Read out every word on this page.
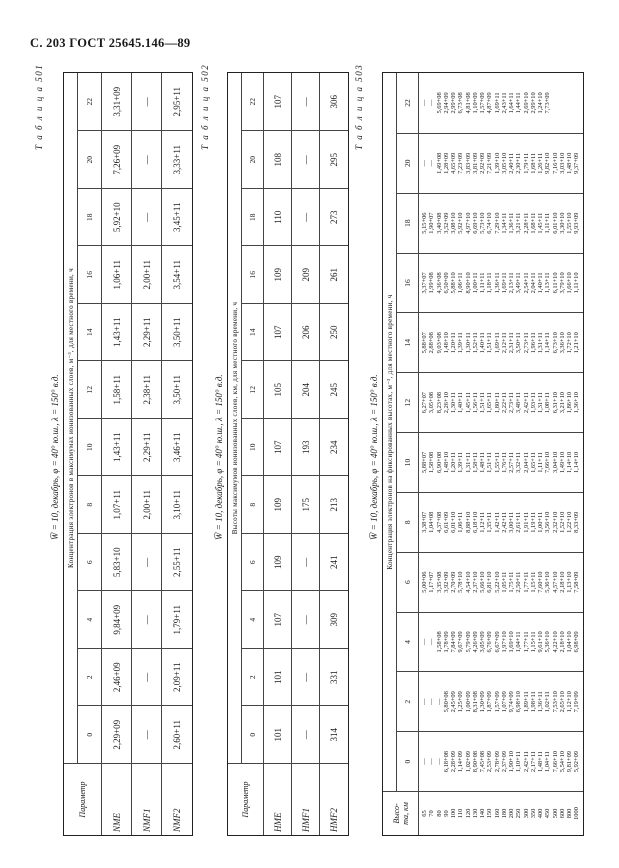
С. 203 ГОСТ 25645.146—89
Т а б л и ц а 501
W̅ = 10, декабрь, φ = 40° ю.ш., λ = 150° в.д.
Параметр
Концентрация электронов в максимумах ионизованных слоев, м⁻³, для местного времени, ч
0
2
4
6
8
10
12
14
16
18
20
22
NME
2,29+09
2,46+09
9,84+09
5,83+10
1,07+11
1,43+11
1,58+11
1,43+11
1,06+11
5,92+10
7,26+09
3,31+09
NMF1
—
—
—
—
2,00+11
2,29+11
2,38+11
2,29+11
2,00+11
—
—
—
NMF2
2,60+11
2,09+11
1,79+11
2,55+11
3,10+11
3,46+11
3,50+11
3,50+11
3,54+11
3,45+11
3,33+11
2,95+11	Т а б л и ц а 502
W̅ = 10, декабрь, φ = 40° ю.ш., λ = 150° в.д.
Параметр
Высоты максимумов ионизованных слоев, км, для местного времени, ч
0
2
4
6
8
10
12
14
16
18
20
22
HME
101
101
107
109
109
107
105
107
109
110
108
107
HMF1
—
—
—
—
175
193
204
206
209
—
—
—
HMF2
314
331
309
241
213
234
245
250
261
273
295
306	Т а б л и ц а 503
W̅ = 10, декабрь, φ = 40° ю.ш., λ = 150° в.д.
Высо-
та, км
Концентрация электронов на фиксированных высотах, м⁻³, для местного времени, ч
0
2
4
6
8
10
12
14
16
18
20
22
65 70 80 90 100 110 120 130 140 150 160 180 200 250 300 350 400 450 500 600 800 1000
— — — 6,18+08 2,28+09 1,14+09 1,02+09 8,90+08 7,45+08 2,53+09 2,78+09 2,37+09 1,90+10 1,10+11 2,42+11 2,17+11 1,48+11 1,04+11 7,66+10 5,54+10 9,81+09 5,92+09
— — — 5,80+08 2,45+09 1,25+09 1,00+09 8,31+08 1,30+09 1,87+09 1,57+09 1,07+09 9,74+09 6,98+10 1,89+11 1,98+11 1,36+11 1,02+11 7,53+10 2,65+10 1,12+10 7,19+09
— — 1,58+08 1,78+09 7,84+09 9,67+09 5,79+09 4,26+09 3,05+09 6,76+09 6,67+09 1,97+10 1,69+10 1,04+11 1,77+11 1,15+11 9,61+10 5,36+10 4,22+10 2,18+10 1,04+10 6,98+09
5,00+06 1,17+07 3,35+08 3,92+09 2,70+09 5,78+10 4,54+10 2,37+10 5,66+10 6,81+10 5,22+10 1,05+11 1,75+11 2,50+11 1,77+11 1,15+11 7,60+10 5,36+10 4,57+10 2,18+10 1,13+10 7,58+09
3,38+07 1,04+08 4,37+08 6,61+09 6,01+10 1,06+11 8,88+10 6,18+10 1,12+11 1,35+11 1,42+11 2,42+11 3,00+11 2,61+11 1,91+11 1,19+11 1,00+11 3,56+10 2,32+10 1,52+10 1,22+10 8,33+09
5,88+07 1,58+08 6,90+08 1,48+10 1,20+11 1,39+11 1,31+11 1,58+11 1,48+11 1,51+11 1,55+11 1,76+11 2,57+11 3,32+11 2,04+11 1,65+11 1,11+11 7,66+10 3,04+10 1,49+10 1,14+10 1,14+10
6,27+07 3,05+08 8,23+08 2,26+10 1,30+11 1,40+11 1,45+11 1,56+11 1,51+11 1,65+11 1,80+11 2,22+11 2,73+11 3,48+11 2,42+11 1,93+11 1,31+11 1,08+11 6,31+10 3,21+10 1,86+10 1,36+10
5,88+07 2,88+08 9,03+08 1,48+10 1,20+11 1,39+11 1,30+11 1,52+11 1,40+11 1,51+11 1,69+11 2,12+11 2,31+11 3,50+11 2,73+11 1,96+11 1,31+11 1,14+11 6,73+10 3,36+10 1,72+10 1,21+10
3,37+07 1,99+08 4,36+08 6,50+09 5,88+10 1,06+11 8,90+10 1,00+11 1,11+11 1,18+11 1,36+11 1,69+11 2,13+11 3,49+11 2,54+11 2,04+11 1,40+11 1,13+11 6,11+10 3,79+10 1,66+10 1,11+10
5,15+06 1,90+07 3,40+08 3,52+09 3,08+10 5,92+10 4,97+10 6,69+10 5,73+10 6,74+10 7,29+10 1,34+11 1,36+11 3,21+11 2,28+11 1,68+11 1,45+11 1,11+11 6,01+10 3,30+10 1,55+10 9,93+09
— — 1,49+08 1,28+09 4,65+09 7,23+09 3,83+09 3,81+09 2,92+09 7,21+09 1,39+10 3,05+10 2,40+11 2,30+11 1,79+11 1,68+11 1,26+11 9,82+10 7,16+10 3,03+10 1,48+10 9,37+09
— — 5,69+08 2,94+09 2,99+09 6,73+08 4,81+08 1,10+09 1,57+09 4,87+09 1,69+11 2,43+11 1,64+11 1,44+11 2,69+10 2,99+10 1,24+10 7,73+09
